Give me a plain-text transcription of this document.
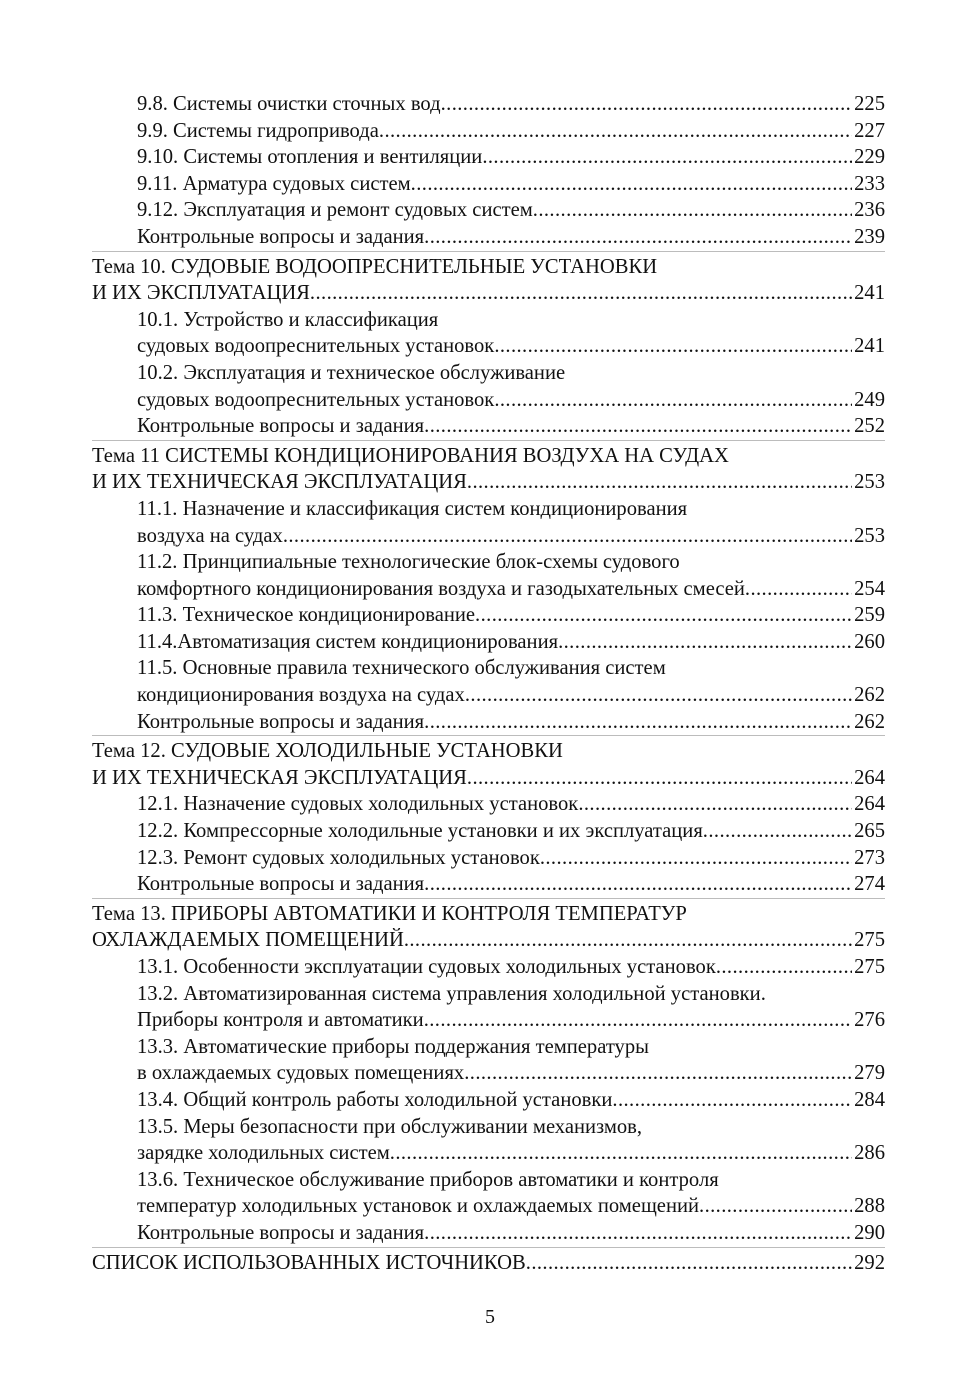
9.8. Системы очистки сточных вод .....	225
9.9. Системы гидропривода .....	227
9.10. Системы отопления и вентиляции .....	229
9.11. Арматура судовых систем .....	233
9.12. Эксплуатация и ремонт судовых систем .....	236
Контрольные вопросы и задания .....	239
Тема 10. СУДОВЫЕ ВОДООПРЕСНИТЕЛЬНЫЕ УСТАНОВКИ
И ИХ ЭКСПЛУАТАЦИЯ .....	241
10.1. Устройство и классификация
судовых водоопреснительных установок .....	241
10.2. Эксплуатация и техническое обслуживание
судовых водоопреснительных установок .....	249
Контрольные вопросы и задания .....	252
Тема 11 СИСТЕМЫ КОНДИЦИОНИРОВАНИЯ ВОЗДУХА НА СУДАХ
И ИХ ТЕХНИЧЕСКАЯ ЭКСПЛУАТАЦИЯ .....	253
11.1. Назначение и классификация систем кондиционирования
воздуха на судах .....	253
11.2. Принципиальные технологические блок-схемы судового
комфортного кондиционирования воздуха и газодыхательных смесей .....	254
11.3. Техническое кондиционирование .....	259
11.4.Автоматизация систем кондиционирования .....	260
11.5. Основные правила технического обслуживания систем
кондиционирования воздуха на судах .....	262
Контрольные вопросы и задания .....	262
Тема 12. СУДОВЫЕ ХОЛОДИЛЬНЫЕ УСТАНОВКИ
И ИХ ТЕХНИЧЕСКАЯ ЭКСПЛУАТАЦИЯ .....	264
12.1. Назначение судовых холодильных установок .....	264
12.2. Компрессорные холодильные установки и их эксплуатация .....	265
12.3. Ремонт судовых холодильных установок .....	273
Контрольные вопросы и задания .....	274
Тема 13. ПРИБОРЫ АВТОМАТИКИ И КОНТРОЛЯ ТЕМПЕРАТУР
ОХЛАЖДАЕМЫХ ПОМЕЩЕНИЙ .....	275
13.1. Особенности эксплуатации судовых холодильных установок .....	275
13.2. Автоматизированная система управления холодильной установки.
Приборы контроля и автоматики .....	276
13.3. Автоматические приборы поддержания температуры
в охлаждаемых судовых помещениях .....	279
13.4. Общий контроль работы холодильной установки .....	284
13.5. Меры безопасности при обслуживании механизмов,
зарядке холодильных систем .....	286
13.6. Техническое обслуживание приборов автоматики и контроля
температур холодильных установок и охлаждаемых помещений .....	288
Контрольные вопросы и задания .....	290
СПИСОК ИСПОЛЬЗОВАННЫХ ИСТОЧНИКОВ .....	292
5
